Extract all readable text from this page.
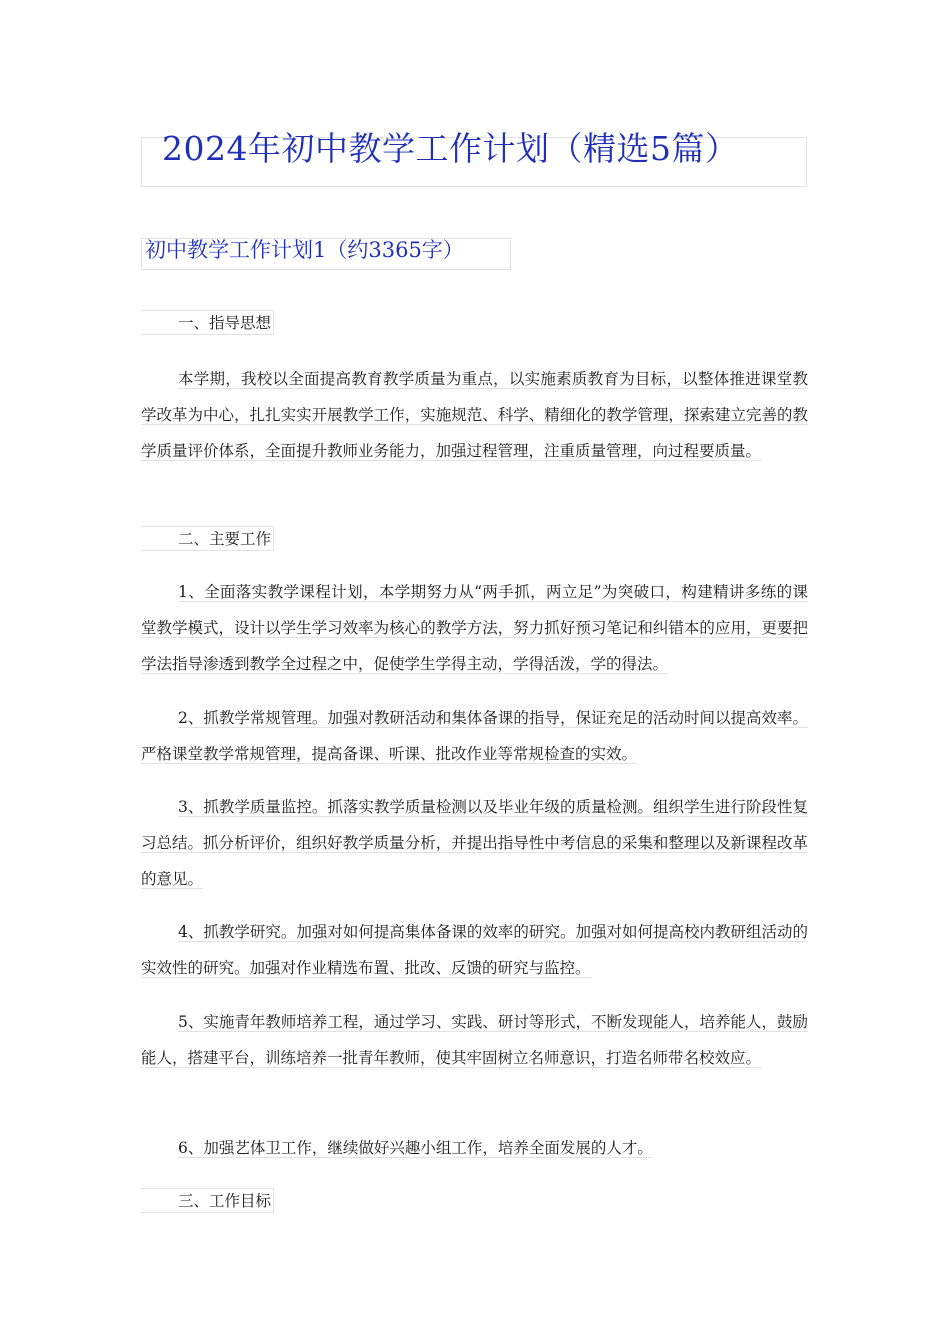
2024年初中教学工作计划（精选5篇）
初中教学工作计划1（约3365字）
一、指导思想
本学期，我校以全面提高教育教学质量为重点，以实施素质教育为目标，以整体推进课堂教学改革为中心，扎扎实实开展教学工作，实施规范、科学、精细化的教学管理，探索建立完善的教学质量评价体系，全面提升教师业务能力，加强过程管理，注重质量管理，向过程要质量。
二、主要工作
1、全面落实教学课程计划，本学期努力从“两手抓，两立足”为突破口，构建精讲多练的课堂教学模式，设计以学生学习效率为核心的教学方法，努力抓好预习笔记和纠错本的应用，更要把学法指导渗透到教学全过程之中，促使学生学得主动，学得活泼，学的得法。
2、抓教学常规管理。加强对教研活动和集体备课的指导，保证充足的活动时间以提高效率。严格课堂教学常规管理，提高备课、听课、批改作业等常规检查的实效。
3、抓教学质量监控。抓落实教学质量检测以及毕业年级的质量检测。组织学生进行阶段性复习总结。抓分析评价，组织好教学质量分析，并提出指导性中考信息的采集和整理以及新课程改革的意见。
4、抓教学研究。加强对如何提高集体备课的效率的研究。加强对如何提高校内教研组活动的实效性的研究。加强对作业精选布置、批改、反馈的研究与监控。
5、实施青年教师培养工程，通过学习、实践、研讨等形式，不断发现能人，培养能人，鼓励能人，搭建平台，训练培养一批青年教师，使其牢固树立名师意识，打造名师带名校效应。
6、加强艺体卫工作，继续做好兴趣小组工作，培养全面发展的人才。
三、工作目标
